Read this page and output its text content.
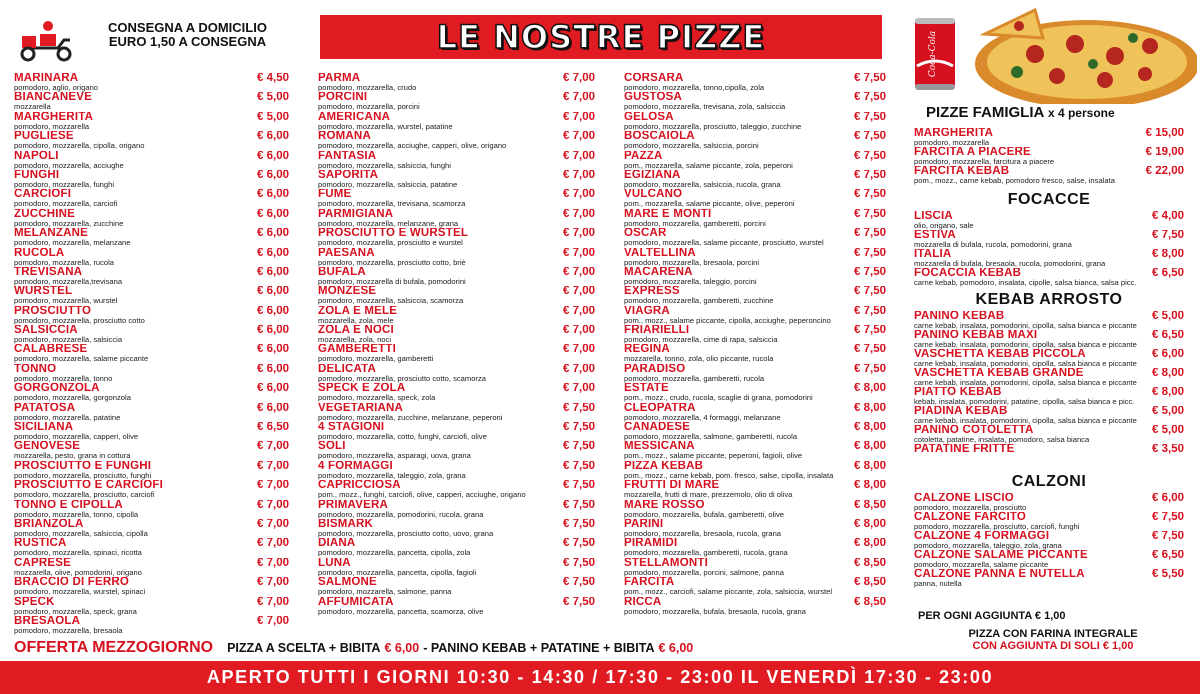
CONSEGNA A DOMICILIO
EURO 1,50 A CONSEGNA	LE NOSTRE PIZZE	Coca-Cola
PIZZE FAMIGLIA x 4 persone
MARINARA	€ 4,50
pomodoro, aglio, origano
BIANCANEVE	€ 5,00
mozzarella
MARGHERITA	€ 5,00
pomodoro, mozzarella
PUGLIESE	€ 6,00
pomodoro, mozzarella, cipolla, origano
NAPOLI	€ 6,00
pomodoro, mozzarella, acciughe
FUNGHI	€ 6,00
pomodoro, mozzarella, funghi
CARCIOFI	€ 6,00
pomodoro, mozzarella, carciofi
ZUCCHINE	€ 6,00
pomodoro, mozzarella, zucchine
MELANZANE	€ 6,00
pomodoro, mozzarella, melanzane
RUCOLA	€ 6,00
pomodoro, mozzarella, rucola
TREVISANA	€ 6,00
pomodoro, mozzarella,trevisana
WURSTEL	€ 6,00
pomodoro, mozzarella, wurstel
PROSCIUTTO	€ 6,00
pomodoro, mozzarella, prosciutto cotto
SALSICCIA	€ 6,00
pomodoro, mozzarella, salsiccia
CALABRESE	€ 6,00
pomodoro, mozzarella, salame piccante
TONNO	€ 6,00
pomodoro, mozzarella, tonno
GORGONZOLA	€ 6,00
pomodoro, mozzarella, gorgonzola
PATATOSA	€ 6,00
pomodoro, mozzarella, patatine
SICILIANA	€ 6,50
pomodoro, mozzarella, capperi, olive
GENOVESE	€ 7,00
mozzarella, pesto, grana in cottura
PROSCIUTTO E FUNGHI	€ 7,00
pomodoro, mozzarella, prosciutto, funghi
PROSCIUTTO E CARCIOFI	€ 7,00
pomodoro, mozzarella, prosciutto, carciofi
TONNO E CIPOLLA	€ 7,00
pomodoro, mozzarella, tonno, cipolla
BRIANZOLA	€ 7,00
pomodoro, mozzarella, salsiccia, cipolla
RUSTICA	€ 7,00
pomodoro, mozzarella, spinaci, ricotta
CAPRESE	€ 7,00
mozzarella, olive, pomodorini, origano
BRACCIO DI FERRO	€ 7,00
pomodoro, mozzarella, wurstel, spinaci
SPECK	€ 7,00
pomodoro, mozzarella, speck, grana
BRESAOLA	€ 7,00
pomodoro, mozzarella, bresaola
PARMA	€ 7,00
pomodoro, mozzarella, crudo
PORCINI	€ 7,00
pomodoro, mozzarella, porcini
AMERICANA	€ 7,00
pomodoro, mozzarella, wurstel, patatine
ROMANA	€ 7,00
pomodoro, mozzarella, acciughe, capperi, olive, origano
FANTASIA	€ 7,00
pomodoro, mozzarella, salsiccia, funghi
SAPORITA	€ 7,00
pomodoro, mozzarella, salsiccia, patatine
FUMÈ	€ 7,00
pomodoro, mozzarella, trevisana, scamorza
PARMIGIANA	€ 7,00
pomodoro, mozzarella, melanzane, grana
PROSCIUTTO E WURSTEL	€ 7,00
pomodoro, mozzarella, prosciutto e wurstel
PAESANA	€ 7,00
pomodoro, mozzarella, prosciutto cotto, briè
BUFALA	€ 7,00
pomodoro, mozzarella di bufala, pomodorini
MONZESE	€ 7,00
pomodoro, mozzarella, salsiccia, scamorza
ZOLA E MELE	€ 7,00
mozzarella, zola, mele
ZOLA E NOCI	€ 7,00
mozzarella, zola, noci
GAMBERETTI	€ 7,00
pomodoro, mozzarella, gamberetti
DELICATA	€ 7,00
pomodoro, mozzarella, prosciutto cotto, scamorza
SPECK E ZOLA	€ 7,00
pomodoro, mozzarella, speck, zola
VEGETARIANA	€ 7,50
pomodoro, mozzarella, zucchine, melanzane, peperoni
4 STAGIONI	€ 7,50
pomodoro, mozzarella, cotto, funghi, carciofi, olive
SOLI	€ 7,50
pomodoro, mozzarella, asparagi, uova, grana
4 FORMAGGI	€ 7,50
pomodoro, mozzarella, taleggio, zola, grana
CAPRICCIOSA	€ 7,50
pom., mozz., funghi, carciofi, olive, capperi, acciughe, origano
PRIMAVERA	€ 7,50
pomodoro, mozzarella, pomodorini, rucola, grana
BISMARK	€ 7,50
pomodoro, mozzarella, prosciutto cotto, uovo, grana
DIANA	€ 7,50
pomodoro, mozzarella, pancetta, cipolla, zola
LUNA	€ 7,50
pomodoro, mozzarella, pancetta, cipolla, fagioli
SALMONE	€ 7,50
pomodoro, mozzarella, salmone, panna
AFFUMICATA	€ 7,50
pomodoro, mozzarella, pancetta, scamorza, olive
CORSARA	€ 7,50
pomodoro, mozzarella, tonno,cipolla, zola
GUSTOSA	€ 7,50
pomodoro, mozzarella, trevisana, zola, salsiccia
GELOSA	€ 7,50
pomodoro, mozzarella, prosciutto, taleggio, zucchine
BOSCAIOLA	€ 7,50
pomodoro, mozzarella, salsiccia, porcini
PAZZA	€ 7,50
pom., mozzarella, salame piccante, zola, peperoni
EGIZIANA	€ 7,50
pomodoro, mozzarella, salsiccia, rucola, grana
VULCANO	€ 7,50
pom., mozzarella, salame piccante, olive, peperoni
MARE E MONTI	€ 7,50
pomodoro, mozzarella, gamberetti, porcini
OSCAR	€ 7,50
pomodoro, mozzarella, salame piccante, prosciutto, wurstel
VALTELLINA	€ 7,50
pomodoro, mozzarella, bresaola, porcini
MACARENA	€ 7,50
pomodoro, mozzarella, taleggio, porcini
EXPRESS	€ 7,50
pomodoro, mozzarella, gamberetti, zucchine
VIAGRA	€ 7,50
pom., mozz., salame piccante, cipolla, acciughe, peperoncino
FRIARIELLI	€ 7,50
pomodoro, mozzarella, cime di rapa, salsiccia
REGINA	€ 7,50
mozzarella, tonno, zola, olio piccante, rucola
PARADISO	€ 7,50
pomodoro, mozzarella, gamberetti, rucola
ESTATE	€ 8,00
pom., mozz., crudo, rucola, scaglie di grana, pomodorini
CLEOPATRA	€ 8,00
pomodoro, mozzarella, 4 formaggi, melanzane
CANADESE	€ 8,00
pomodoro, mozzarella, salmone, gamberetti, rucola
MESSICANA	€ 8,00
pom., mozz., salame piccante, peperoni, fagioli, olive
PIZZA KEBAB	€ 8,00
pom., mozz., carne kebab, pom. fresco, salse, cipolla, insalata
FRUTTI DI MARE	€ 8,00
mozzarella, frutti di mare, prezzemolo, olio di oliva
MARE ROSSO	€ 8,50
pomodoro, mozzarella, bufala, gamberetti, olive
PARINI	€ 8,00
pomodoro, mozzarella, bresaola, rucola, grana
PIRAMIDI	€ 8,00
pomodoro, mozzarella, gamberetti, rucola, grana
STELLAMONTI	€ 8,50
pomodoro, mozzarella, porcini, salmone, panna
FARCITA	€ 8,50
pom., mozz., carciofi, salame piccante, zola, salsiccia, wurstel
RICCA	€ 8,50
pomodoro, mozzarella, bufala, bresaola, rucola, grana
MARGHERITA	€ 15,00
pomodoro, mozzarella
FARCITA A PIACERE	€ 19,00
pomodoro, mozzarella, farcitura a piacere
FARCITA KEBAB	€ 22,00
pom., mozz., carne kebab, pomodoro fresco, salse, insalata
FOCACCE
LISCIA	€ 4,00
olio, origano, sale
ESTIVA	€ 7,50
mozzarella di bufala, rucola, pomodorini, grana
ITALIA	€ 8,00
mozzarella di bufala, bresaola, rucola, pomodorini, grana
FOCACCIA KEBAB	€ 6,50
carne kebab, pomodoro, insalata, cipolle, salsa bianca, salsa picc.
KEBAB ARROSTO
PANINO KEBAB	€ 5,00
carne kebab, insalata, pomodorini, cipolla, salsa bianca e piccante
PANINO KEBAB MAXI	€ 6,50
carne kebab, insalata, pomodorini, cipolla, salsa bianca e piccante
VASCHETTA KEBAB PICCOLA	€ 6,00
carne kebab, insalata, pomodorini, cipolla, salsa bianca e piccante
VASCHETTA KEBAB GRANDE	€ 8,00
carne kebab, insalata, pomodorini, cipolla, salsa bianca e piccante
PIATTO KEBAB	€ 8,00
kebab, insalata, pomodorini, patatine, cipolla, salsa bianca e picc.
PIADINA KEBAB	€ 5,00
carne kebab, insalata, pomodorini, cipolla, salsa bianca e piccante
PANINO COTOLETTA	€ 5,00
cotoletta, patatine, insalata, pomodoro, salsa bianca
PATATINE FRITTE	€ 3,50
CALZONI
CALZONE LISCIO	€ 6,00
pomodoro, mozzarella, prosciutto
CALZONE FARCITO	€ 7,50
pomodoro, mozzarella, prosciutto, carciofi, funghi
CALZONE 4 FORMAGGI	€ 7,50
pomodoro, mozzarella, taleggio, zola, grana
CALZONE SALAME PICCANTE	€ 6,50
pomodoro, mozzarella, salame piccante
CALZONE PANNA E NUTELLA	€ 5,50
panna, nutella
PER OGNI AGGIUNTA € 1,00
PIZZA CON FARINA INTEGRALE
CON AGGIUNTA DI SOLI € 1,00
OFFERTA MEZZOGIORNO PIZZA A SCELTA + BIBITA € 6,00 - PANINO KEBAB + PATATINE + BIBITA € 6,00
APERTO TUTTI I GIORNI 10:30 - 14:30 / 17:30 - 23:00 IL VENERDÌ 17:30 - 23:00
